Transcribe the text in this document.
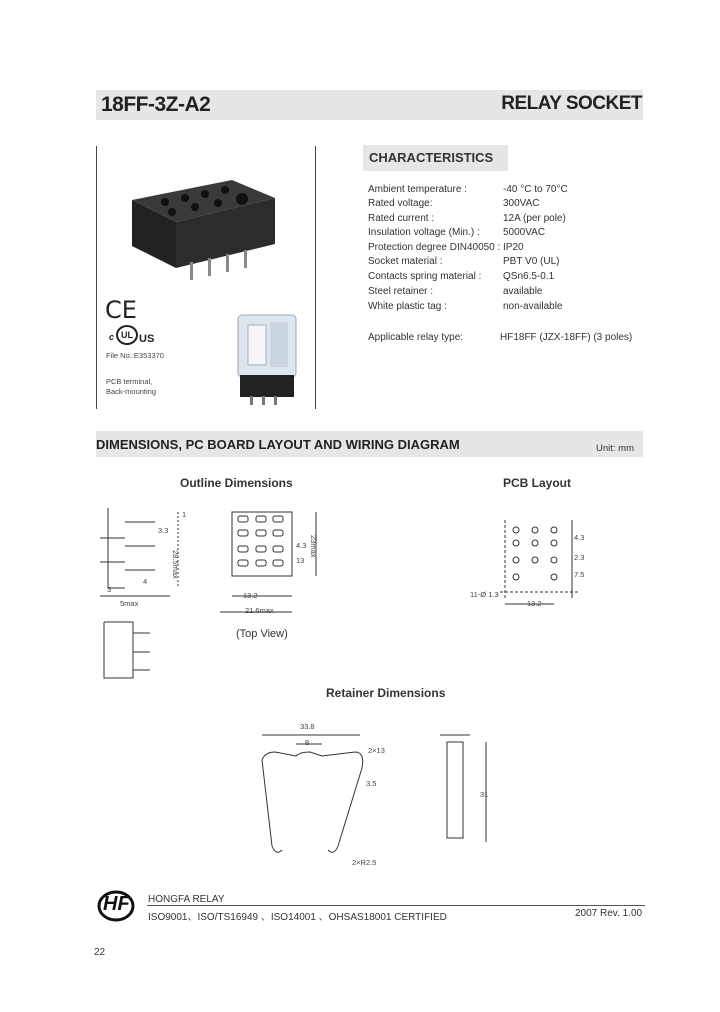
18FF-3Z-A2	RELAY SOCKET
CE
c UL US
File No.:E353370
PCB terminal,
Back-mounting
CHARACTERISTICS
Ambient temperature :	-40 °C to 70°C
Rated voltage:	300VAC
Rated current :	12A (per pole)
Insulation voltage (Min.) : 5000VAC
Protection degree DIN40050 : IP20
Socket material :	PBT V0 (UL)
Contacts spring material : QSn6.5-0.1
Steel retainer :	available
White plastic tag :	non-available
Applicable relay type:	HF18FF (JZX-18FF) (3 poles)
DIMENSIONS, PC BOARD LAYOUT AND WIRING DIAGRAM	Unit: mm
Outline Dimensions	PCB Layout
(Top View)
Retainer Dimensions
1
3.3
28.5max
5max
3
4
13.2
21.6max
23max
4.3
13
11-Ø 1.3
13.2
4.3
2.3
7.5
33.8
8
2×13
3.5
2×R2.5
31
HF HONGFA RELAY
ISO9001、ISO/TS16949 、ISO14001 、OHSAS18001 CERTIFIED	2007 Rev. 1.00
22
